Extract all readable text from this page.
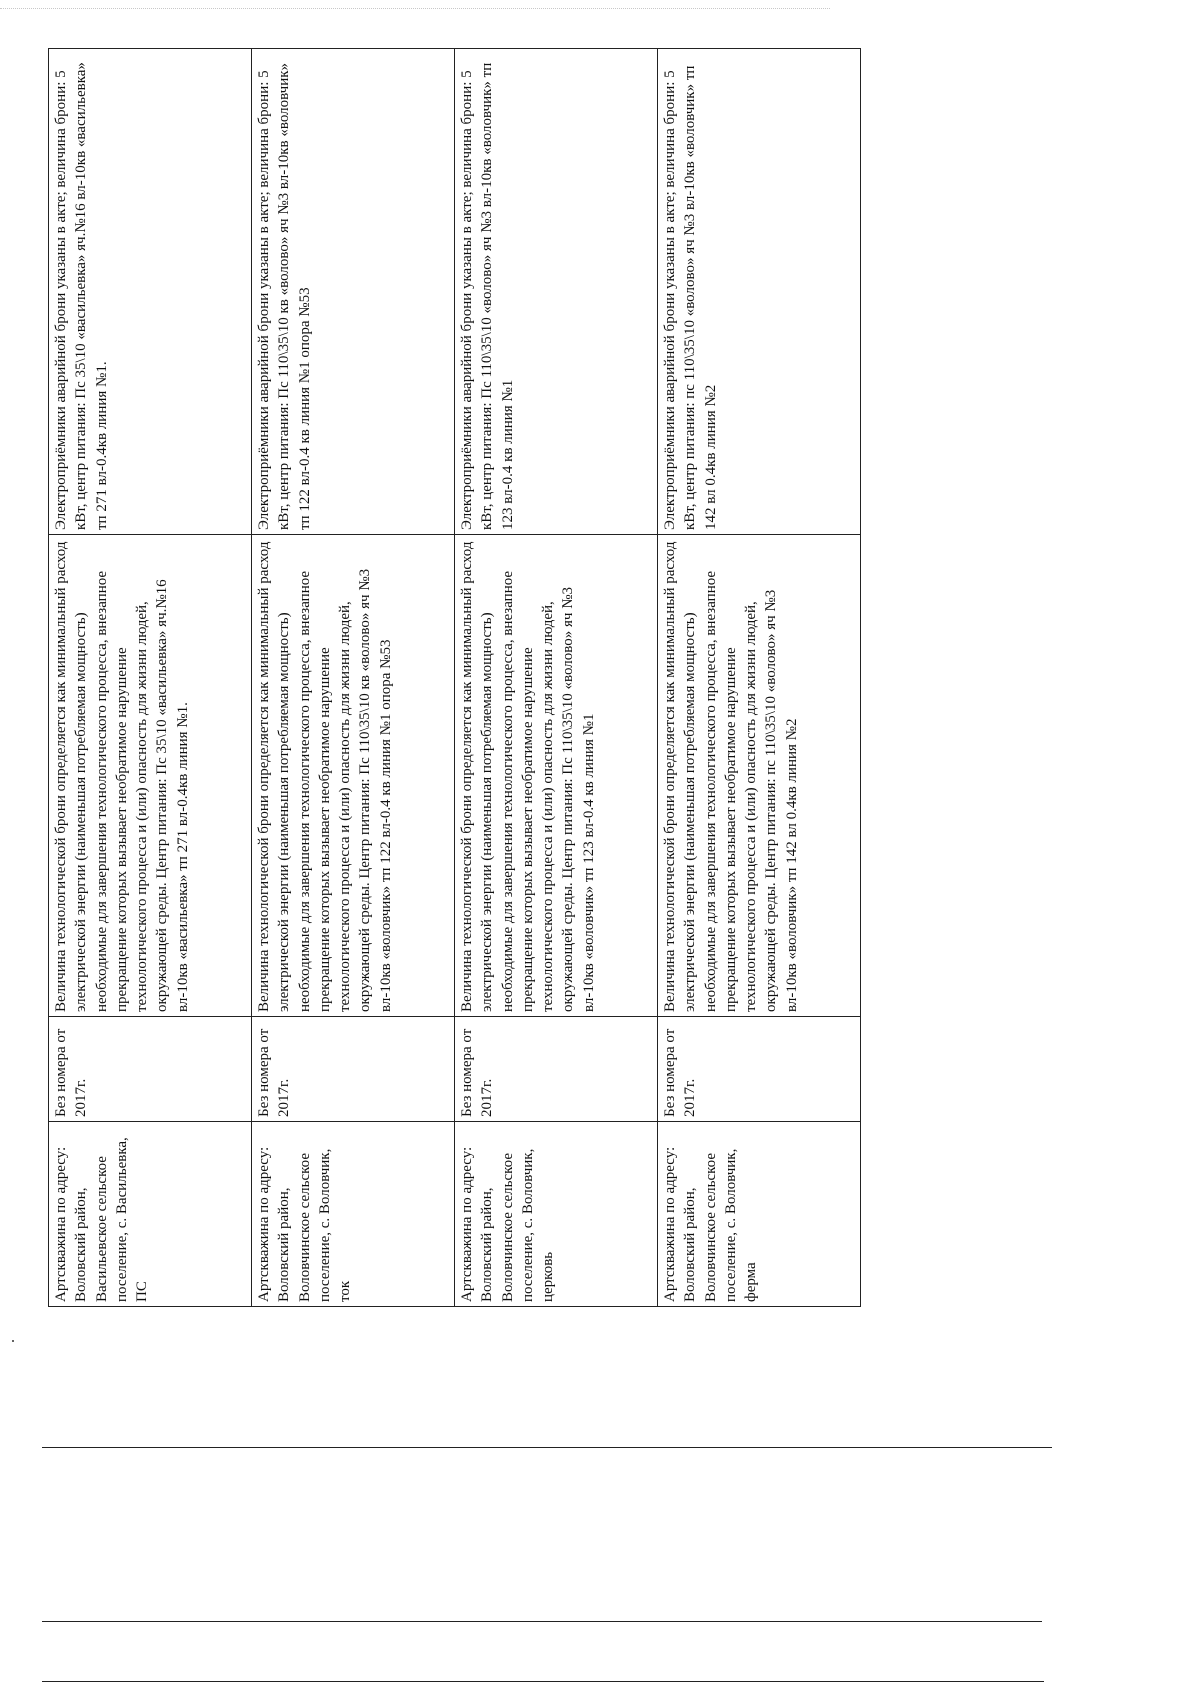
Артскважина по адресу: Воловский район, Васильевское сельское поселение, с. Васильевка, ПС	Без номера от 2017г.	Величина технологической брони определяется как минимальный расход электрической энергии (наименьшая потребляемая мощность) необходимые для завершения технологического процесса, внезапное прекращение которых вызывает необратимое нарушение технологического процесса и (или) опасность для жизни людей, окружающей среды. Центр питания: Пс 35\10 «васильевка» яч.№16 вл-10кв «васильевка» тп 271 вл-0.4кв линия №1.	Электроприёмники аварийной брони указаны в акте; величина брони: 5 кВт, центр питания: Пс 35\10 «васильевка» яч.№16 вл-10кв «васильевка» тп 271 вл-0.4кв линия №1.
Артскважина по адресу: Воловский район, Воловчинское сельское поселение, с. Воловчик, ток	Без номера от 2017г.	Величина технологической брони определяется как минимальный расход электрической энергии (наименьшая потребляемая мощность) необходимые для завершения технологического процесса, внезапное прекращение которых вызывает необратимое нарушение технологического процесса и (или) опасность для жизни людей, окружающей среды. Центр питания: Пс 110\35\10 кв «волово» яч №3 вл-10кв «воловчик» тп 122 вл-0.4 кв линия №1 опора №53	Электроприёмники аварийной брони указаны в акте; величина брони: 5 кВт, центр питания: Пс 110\35\10 кв «волово» яч №3 вл-10кв «воловчик» тп 122 вл-0.4 кв линия №1 опора №53
Артскважина по адресу: Воловский район, Воловчинское сельское поселение, с. Воловчик, церковь	Без номера от 2017г.	Величина технологической брони определяется как минимальный расход электрической энергии (наименьшая потребляемая мощность) необходимые для завершения технологического процесса, внезапное прекращение которых вызывает необратимое нарушение технологического процесса и (или) опасность для жизни людей, окружающей среды. Центр питания: Пс 110\35\10 «волово» яч №3 вл-10кв «воловчик» тп 123 вл-0.4 кв линия №1	Электроприёмники аварийной брони указаны в акте; величина брони: 5 кВт, центр питания: Пс 110\35\10 «волово» яч №3 вл-10кв «воловчик» тп 123 вл-0.4 кв линия №1
Артскважина по адресу: Воловский район, Воловчинское сельское поселение, с. Воловчик, ферма	Без номера от 2017г.	Величина технологической брони определяется как минимальный расход электрической энергии (наименьшая потребляемая мощность) необходимые для завершения технологического процесса, внезапное прекращение которых вызывает необратимое нарушение технологического процесса и (или) опасность для жизни людей, окружающей среды. Центр питания: пс 110\35\10 «волово» яч №3 вл-10кв «воловчик» тп 142 вл 0.4кв линия №2	Электроприёмники аварийной брони указаны в акте; величина брони: 5 кВт, центр питания: пс 110\35\10 «волово» яч №3 вл-10кв «воловчик» тп 142 вл 0.4кв линия №2
